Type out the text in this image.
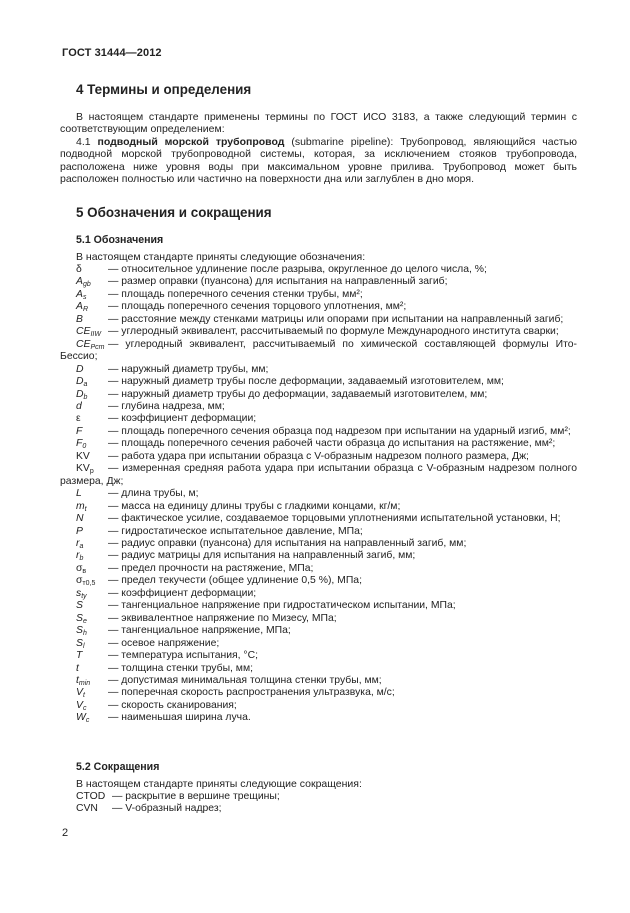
ГОСТ 31444—2012
4 Термины и определения

В настоящем стандарте применены термины по ГОСТ ИСО 3183, а также следующий термин с соответствующим определением:

4.1 подводный морской трубопровод (submarine pipeline): Трубопровод, являющийся частью подводной морской трубопроводной системы, которая, за исключением стояков трубопровода, расположена ниже уровня воды при максимальном уровне прилива. Трубопровод может быть расположен полностью или частично на поверхности дна или заглублен в дно моря.

5 Обозначения и сокращения
5.1 Обозначения

В настоящем стандарте приняты следующие обозначения:

δ	— относительное удлинение после разрыва, округленное до целого числа, %;
$A_{gb}$	— размер оправки (пуансона) для испытания на направленный загиб;
$A_s$	— площадь поперечного сечения стенки трубы, мм²;
$A_R$	— площадь поперечного сечения торцового уплотнения, мм²;
B	— расстояние между стенками матрицы или опорами при испытании на направленный загиб;
$CE_{IIW}$ — углеродный эквивалент, рассчитываемый по формуле Международного института сварки;
$CE_{Pcm}$ — углеродный эквивалент, рассчитываемый по химической составляющей формулы Ито-Бессио;
D	— наружный диаметр трубы, мм;
$D_a$	— наружный диаметр трубы после деформации, задаваемый изготовителем, мм;
$D_b$	— наружный диаметр трубы до деформации, задаваемый изготовителем, мм;
d	— глубина надреза, мм;
ε	— коэффициент деформации;
F	— площадь поперечного сечения образца под надрезом при испытании на ударный изгиб, мм²;
$F_0$	— площадь поперечного сечения рабочей части образца до испытания на растяжение, мм²;
KV	— работа удара при испытании образца с V-образным надрезом полного размера, Дж;
$KV_p$	— измеренная средняя работа удара при испытании образца с V-образным надрезом полного размера, Дж;
L	— длина трубы, м;
$m_t$	— масса на единицу длины трубы с гладкими концами, кг/м;
N	— фактическое усилие, создаваемое торцовыми уплотнениями испытательной установки, Н;
P	— гидростатическое испытательное давление, МПа;
$r_a$	— радиус оправки (пуансона) для испытания на направленный загиб, мм;
$r_b$	— радиус матрицы для испытания на направленный загиб, мм;
$\sigma_в$	— предел прочности на растяжение, МПа;
$\sigma_{т0,5}$	— предел текучести (общее удлинение 0,5 %), МПа;
$s_{ty}$	— коэффициент деформации;
S	— тангенциальное напряжение при гидростатическом испытании, МПа;
$S_e$	— эквивалентное напряжение по Мизесу, МПа;
$S_h$	— тангенциальное напряжение, МПа;
$S_l$	— осевое напряжение;
T	— температура испытания, °С;
t	— толщина стенки трубы, мм;
$t_{min}$	— допустимая минимальная толщина стенки трубы, мм;
$V_t$	— поперечная скорость распространения ультразвука, м/с;
$V_c$	— скорость сканирования;
$W_c$	— наименьшая ширина луча.
5.2 Сокращения

В настоящем стандарте приняты следующие сокращения:

CTOD — раскрытие в вершине трещины;
CVN — V-образный надрез;
2
